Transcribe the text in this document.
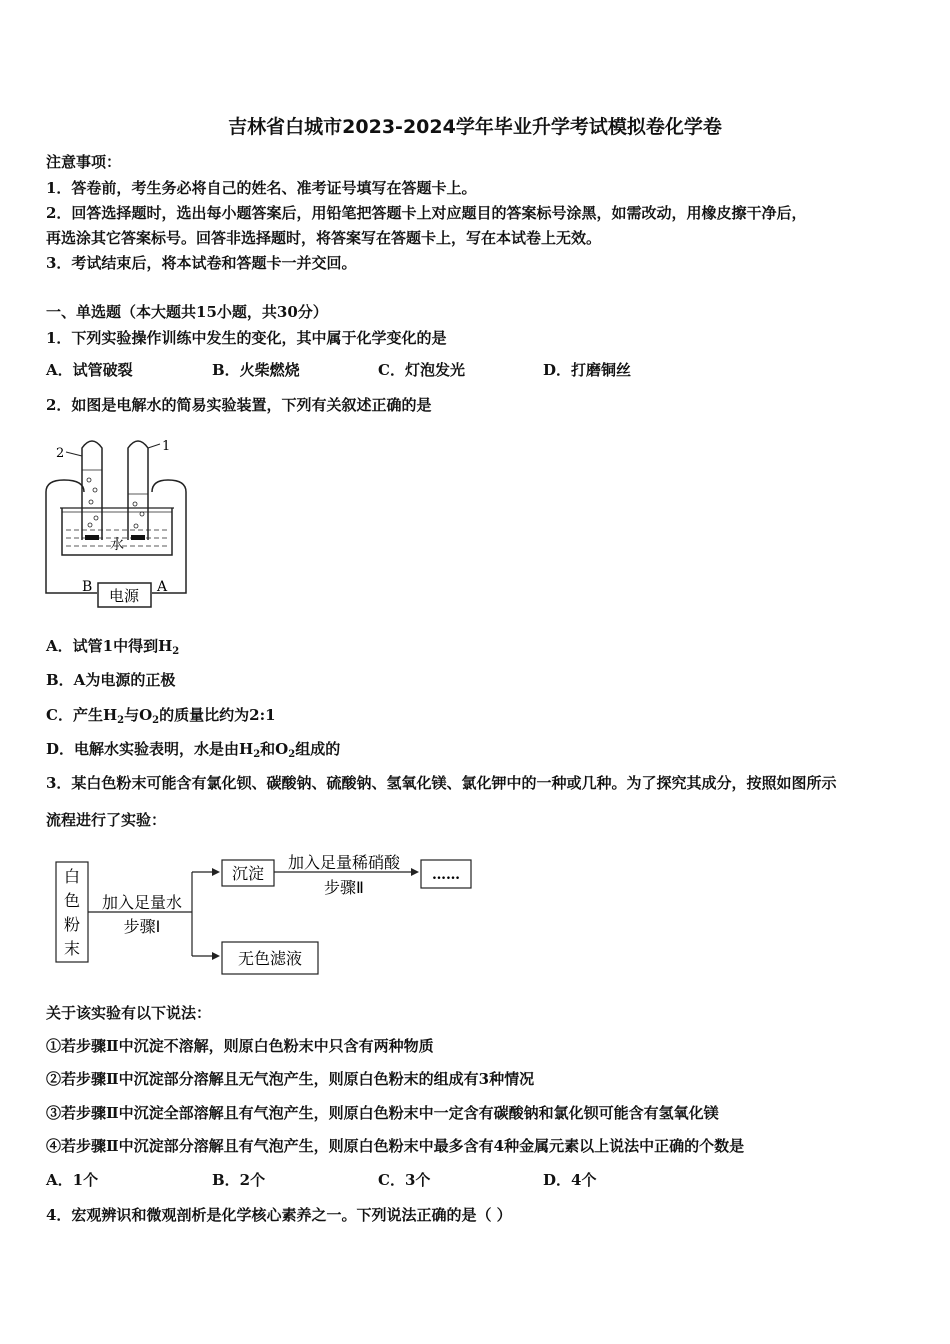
吉林省白城市2023-2024学年毕业升学考试模拟卷化学卷
注意事项：
1．答卷前，考生务必将自己的姓名、准考证号填写在答题卡上。
2．回答选择题时，选出每小题答案后，用铅笔把答题卡上对应题目的答案标号涂黑，如需改动，用橡皮擦干净后，
再选涂其它答案标号。回答非选择题时，将答案写在答题卡上，写在本试卷上无效。
3．考试结束后，将本试卷和答题卡一并交回。
一、单选题（本大题共15小题，共30分）
1．下列实验操作训练中发生的变化，其中属于化学变化的是
A．试管破裂	B．火柴燃烧	C．灯泡发光	D．打磨铜丝
2．如图是电解水的简易实验装置，下列有关叙述正确的是
电源
B	A
水
2	1
A．试管1中得到$H_2$
B．A为电源的正极
C．产生$H_2$与$O_2$的质量比约为2:1
D．电解水实验表明，水是由$H_2$和$O_2$组成的
3．某白色粉末可能含有氯化钡、碳酸钠、硫酸钠、氢氧化镁、氯化钾中的一种或几种。为了探究其成分，按照如图所示
流程进行了实验：
白
色
粉
末
加入足量水
步骤Ⅰ
沉淀
加入足量稀硝酸
步骤Ⅱ
……
无色滤液
关于该实验有以下说法：
①若步骤Ⅱ中沉淀不溶解，则原白色粉末中只含有两种物质
②若步骤Ⅱ中沉淀部分溶解且无气泡产生，则原白色粉末的组成有3种情况
③若步骤Ⅱ中沉淀全部溶解且有气泡产生，则原白色粉末中一定含有碳酸钠和氯化钡可能含有氢氧化镁
④若步骤Ⅱ中沉淀部分溶解且有气泡产生，则原白色粉末中最多含有4种金属元素以上说法中正确的个数是
A．1个	B．2个	C．3个	D．4个
4．宏观辨识和微观剖析是化学核心素养之一。下列说法正确的是（ ）
